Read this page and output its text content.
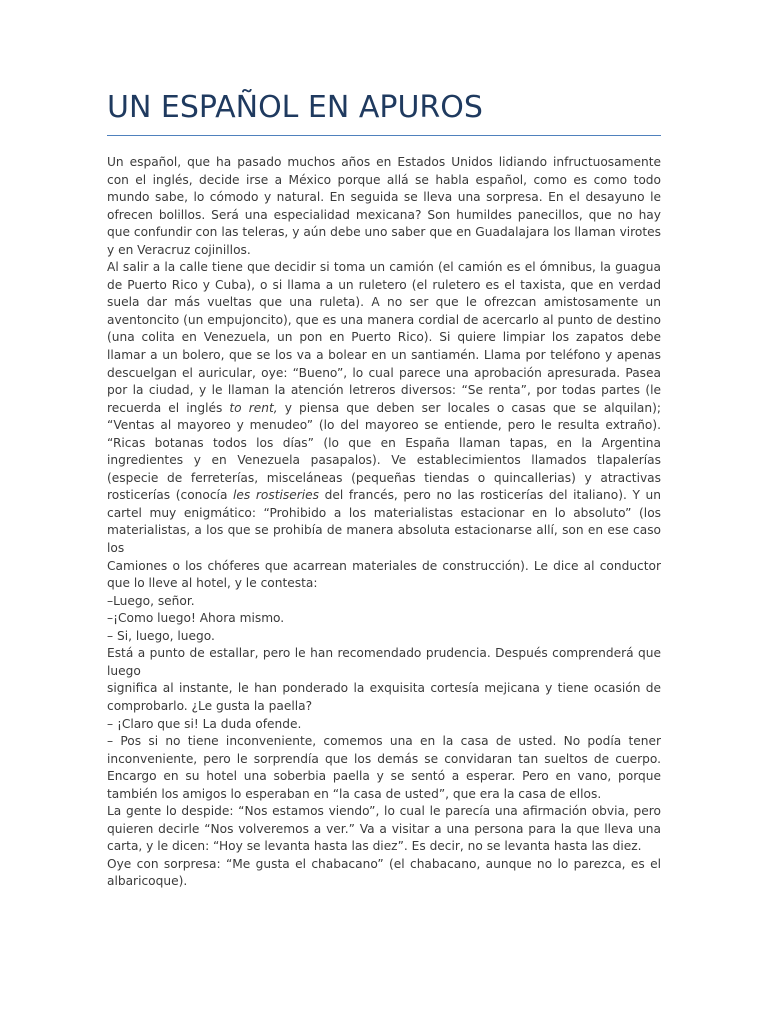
UN ESPAÑOL EN APUROS

Un español, que ha pasado muchos años en Estados Unidos lidiando infructuosamente con el inglés, decide irse a México porque allá se habla español, como es como todo mundo sabe, lo cómodo y natural. En seguida se lleva una sorpresa. En el desayuno le ofrecen bolillos. Será una especialidad mexicana? Son humildes panecillos, que no hay que confundir con las teleras, y aún debe uno saber que en Guadalajara los llaman virotes y en Veracruz cojinillos.

Al salir a la calle tiene que decidir si toma un camión (el camión es el ómnibus, la guagua de Puerto Rico y Cuba), o si llama a un ruletero (el ruletero es el taxista, que en verdad suela dar más vueltas que una ruleta). A no ser que le ofrezcan amistosamente un aventoncito (un empujoncito), que es una manera cordial de acercarlo al punto de destino (una colita en Venezuela, un pon en Puerto Rico). Si quiere limpiar los zapatos debe llamar a un bolero, que se los va a bolear en un santiamén. Llama por teléfono y apenas descuelgan el auricular, oye: “Bueno”, lo cual parece una aprobación apresurada. Pasea por la ciudad, y le llaman la atención letreros diversos: “Se renta”, por todas partes (le recuerda el inglés to rent, y piensa que deben ser locales o casas que se alquilan); “Ventas al mayoreo y menudeo” (lo del mayoreo se entiende, pero le resulta extraño). “Ricas botanas todos los días” (lo que en España llaman tapas, en la Argentina ingredientes y en Venezuela pasapalos). Ve establecimientos llamados tlapalerías (especie de ferreterías, misceláneas (pequeñas tiendas o quincallerias) y atractivas rosticerías (conocía les rostiseries del francés, pero no las rosticerías del italiano). Y un cartel muy enigmático: “Prohibido a los materialistas estacionar en lo absoluto” (los materialistas, a los que se prohibía de manera absoluta estacionarse allí, son en ese caso los

Camiones o los chóferes que acarrean materiales de construcción). Le dice al conductor que lo lleve al hotel, y le contesta:

–Luego, señor.

–¡Como luego! Ahora mismo.

– Si, luego, luego.

Está a punto de estallar, pero le han recomendado prudencia. Después comprenderá que luego

significa al instante, le han ponderado la exquisita cortesía mejicana y tiene ocasión de comprobarlo. ¿Le gusta la paella?

– ¡Claro que si! La duda ofende.

– Pos si no tiene inconveniente, comemos una en la casa de usted. No podía tener inconveniente, pero le sorprendía que los demás se convidaran tan sueltos de cuerpo. Encargo en su hotel una soberbia paella y se sentó a esperar. Pero en vano, porque también los amigos lo esperaban en “la casa de usted”, que era la casa de ellos.

La gente lo despide: “Nos estamos viendo”, lo cual le parecía una afirmación obvia, pero quieren decirle “Nos volveremos a ver.” Va a visitar a una persona para la que lleva una carta, y le dicen: “Hoy se levanta hasta las diez”. Es decir, no se levanta hasta las diez.

Oye con sorpresa: “Me gusta el chabacano” (el chabacano, aunque no lo parezca, es el albaricoque).
